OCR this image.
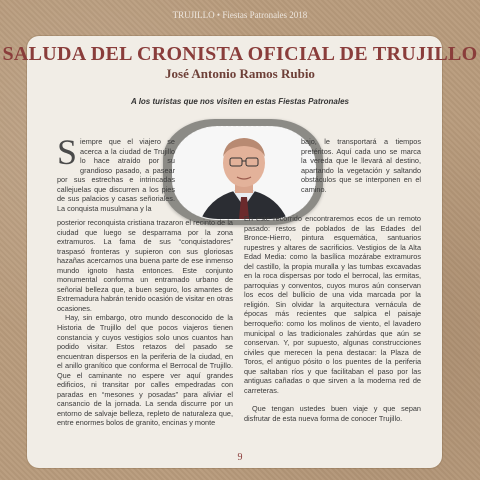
TRUJILLO • Fiestas Patronales 2018
SALUDA DEL CRONISTA OFICIAL DE TRUJILLO
José Antonio Ramos Rubio

A los turistas que nos visiten en estas Fiestas Patronales

Siempre que el viajero se acerca a la ciudad de Trujillo lo hace atraído por su grandioso pasado, a pasear por sus estrechas e intrincadas callejuelas que discurren a los pies de sus palacios y casas señoriales. La conquista musulmana y la

posterior reconquista cristiana trazaron el recinto de la ciudad que luego se desparrama por la zona extramuros. La fama de sus “conquistadores” traspasó fronteras y supieron con sus gloriosas hazañas acercarnos una buena parte de ese inmenso mundo ignoto hasta entonces. Este conjunto monumental conforma un entramado urbano de señorial belleza que, a buen seguro, los amantes de Extremadura habrán tenido ocasión de visitar en otras ocasiones.

Hay, sin embargo, otro mundo desconocido de la Historia de Trujillo del que pocos viajeros tienen constancia y cuyos vestigios solo unos cuantos han podido visitar. Estos retazos del pasado se encuentran dispersos en la periferia de la ciudad, en el anillo granítico que conforma el Berrocal de Trujillo. Que el caminante no espere ver aquí grandes edificios, ni transitar por calles empedradas con paradas en “mesones y posadas” para aliviar el cansancio de la jornada. La senda discurre por un entorno de salvaje belleza, repleto de naturaleza que, entre enormes bolos de granito, encinas y monte

bajo, le transportará a tiempos pretéritos. Aquí cada uno se marca la vereda que le llevará al destino, apartando la vegetación y saltando obstáculos que se interponen en el camino.

En este recorrido encontraremos ecos de un remoto pasado: restos de poblados de las Edades del Bronce-Hierro, pintura esquemática, santuarios rupestres y altares de sacrificios. Vestigios de la Alta Edad Media: como la basílica mozárabe extramuros del castillo, la propia muralla y las tumbas excavadas en la roca dispersas por todo el berrocal, las ermitas, parroquias y conventos, cuyos muros aún conservan los ecos del bullicio de una vida marcada por la religión. Sin olvidar la arquitectura vernácula de épocas más recientes que salpica el paisaje berroqueño: como los molinos de viento, el lavadero municipal o las tradicionales zahúrdas que aún se conservan. Y, por supuesto, algunas construcciones civiles que merecen la pena destacar: la Plaza de Toros, el antiguo pósito o los puentes de la periferia que saltaban ríos y que facilitaban el paso por las antiguas cañadas o que sirven a la moderna red de carreteras.

Que tengan ustedes buen viaje y que sepan disfrutar de esta nueva forma de conocer Trujillo.

9
